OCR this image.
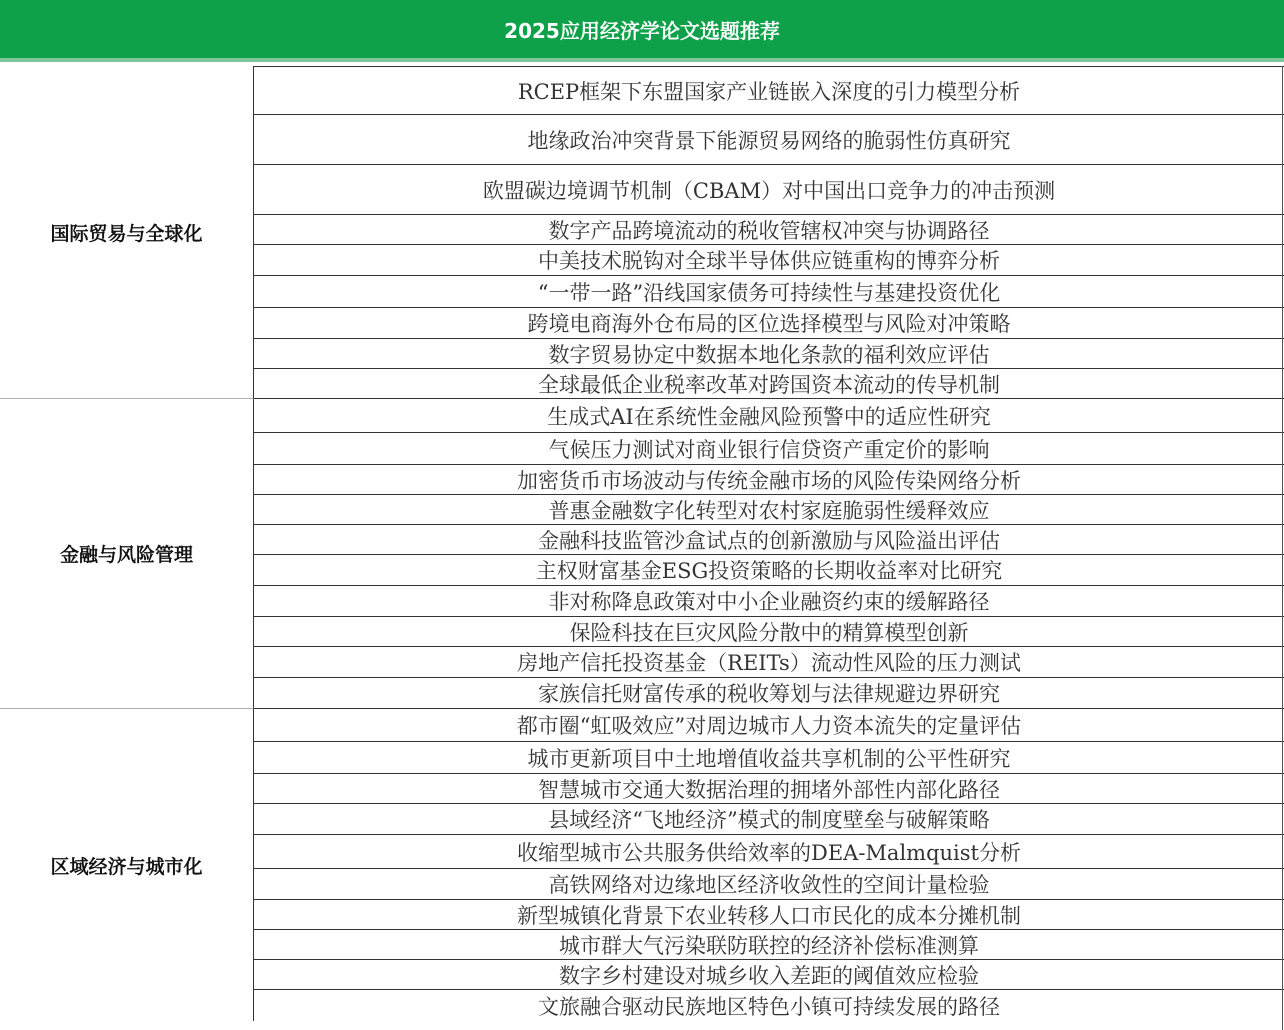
2025应用经济学论文选题推荐
RCEP框架下东盟国家产业链嵌入深度的引力模型分析
地缘政治冲突背景下能源贸易网络的脆弱性仿真研究
欧盟碳边境调节机制（CBAM）对中国出口竞争力的冲击预测
数字产品跨境流动的税收管辖权冲突与协调路径
中美技术脱钩对全球半导体供应链重构的博弈分析
“一带一路”沿线国家债务可持续性与基建投资优化
跨境电商海外仓布局的区位选择模型与风险对冲策略
数字贸易协定中数据本地化条款的福利效应评估
全球最低企业税率改革对跨国资本流动的传导机制
国际贸易与全球化
生成式AI在系统性金融风险预警中的适应性研究
气候压力测试对商业银行信贷资产重定价的影响
加密货币市场波动与传统金融市场的风险传染网络分析
普惠金融数字化转型对农村家庭脆弱性缓释效应
金融科技监管沙盒试点的创新激励与风险溢出评估
主权财富基金ESG投资策略的长期收益率对比研究
非对称降息政策对中小企业融资约束的缓解路径
保险科技在巨灾风险分散中的精算模型创新
房地产信托投资基金（REITs）流动性风险的压力测试
家族信托财富传承的税收筹划与法律规避边界研究
金融与风险管理
都市圈“虹吸效应”对周边城市人力资本流失的定量评估
城市更新项目中土地增值收益共享机制的公平性研究
智慧城市交通大数据治理的拥堵外部性内部化路径
县域经济“飞地经济”模式的制度壁垒与破解策略
收缩型城市公共服务供给效率的DEA-Malmquist分析
高铁网络对边缘地区经济收敛性的空间计量检验
新型城镇化背景下农业转移人口市民化的成本分摊机制
城市群大气污染联防联控的经济补偿标准测算
数字乡村建设对城乡收入差距的阈值效应检验
文旅融合驱动民族地区特色小镇可持续发展的路径
区域经济与城市化
